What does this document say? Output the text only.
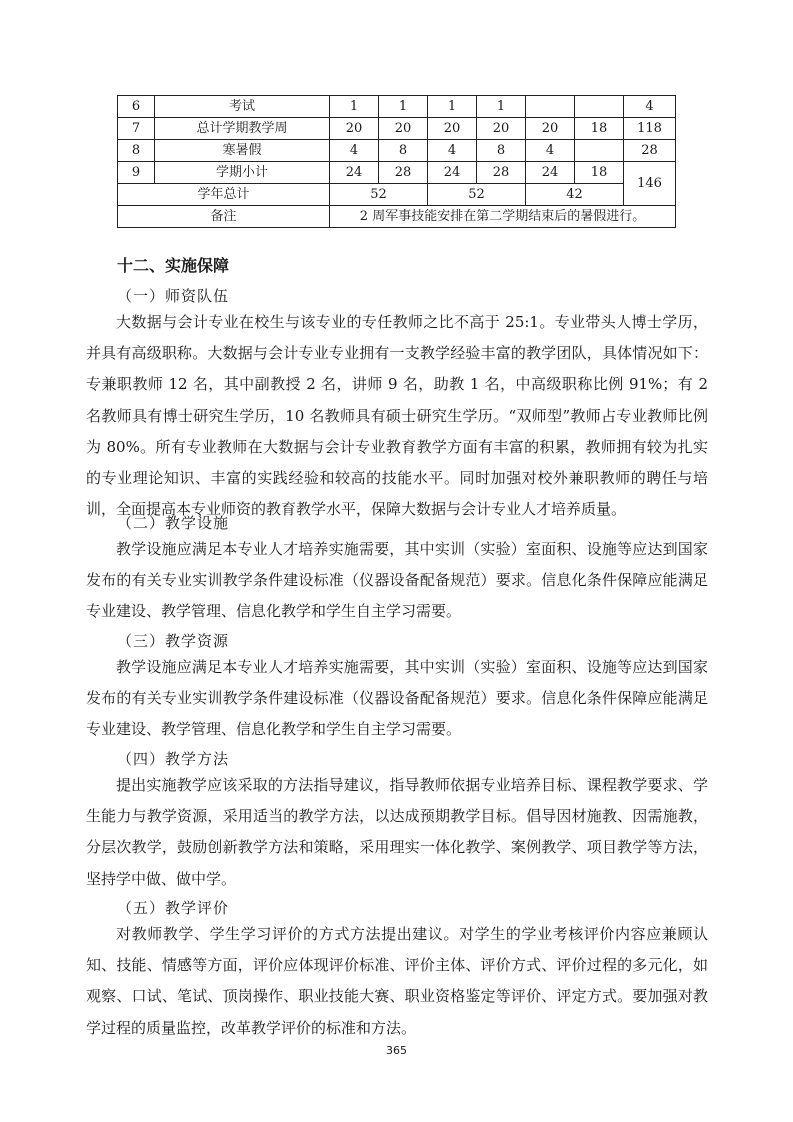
6	考试	1	1	1	1			4
7	总计学期教学周	20	20	20	20	20	18	118
8	寒暑假	4	8	4	8	4		28
9	学期小计	24	28	24	28	24	18	146
学年总计		52		52		42		
备注		2 周军事技能安排在第二学期结束后的暑假进行。						
十二、实施保障
（一）师资队伍

大数据与会计专业在校生与该专业的专任教师之比不高于 25:1。专业带头人博士学历，并具有高级职称。大数据与会计专业专业拥有一支教学经验丰富的教学团队，具体情况如下：专兼职教师 12 名，其中副教授 2 名，讲师 9 名，助教 1 名，中高级职称比例 91%；有 2 名教师具有博士研究生学历，10 名教师具有硕士研究生学历。“双师型”教师占专业教师比例为 80%。所有专业教师在大数据与会计专业教育教学方面有丰富的积累，教师拥有较为扎实的专业理论知识、丰富的实践经验和较高的技能水平。同时加强对校外兼职教师的聘任与培训，全面提高本专业师资的教育教学水平，保障大数据与会计专业人才培养质量。

（二）教学设施

教学设施应满足本专业人才培养实施需要，其中实训（实验）室面积、设施等应达到国家发布的有关专业实训教学条件建设标准（仪器设备配备规范）要求。信息化条件保障应能满足专业建设、教学管理、信息化教学和学生自主学习需要。

（三）教学资源

教学设施应满足本专业人才培养实施需要，其中实训（实验）室面积、设施等应达到国家发布的有关专业实训教学条件建设标准（仪器设备配备规范）要求。信息化条件保障应能满足专业建设、教学管理、信息化教学和学生自主学习需要。

（四）教学方法

提出实施教学应该采取的方法指导建议，指导教师依据专业培养目标、课程教学要求、学生能力与教学资源，采用适当的教学方法，以达成预期教学目标。倡导因材施教、因需施教，分层次教学，鼓励创新教学方法和策略，采用理实一体化教学、案例教学、项目教学等方法，坚持学中做、做中学。

（五）教学评价

对教师教学、学生学习评价的方式方法提出建议。对学生的学业考核评价内容应兼顾认知、技能、情感等方面，评价应体现评价标准、评价主体、评价方式、评价过程的多元化，如观察、口试、笔试、顶岗操作、职业技能大赛、职业资格鉴定等评价、评定方式。要加强对教学过程的质量监控，改革教学评价的标准和方法。

365
